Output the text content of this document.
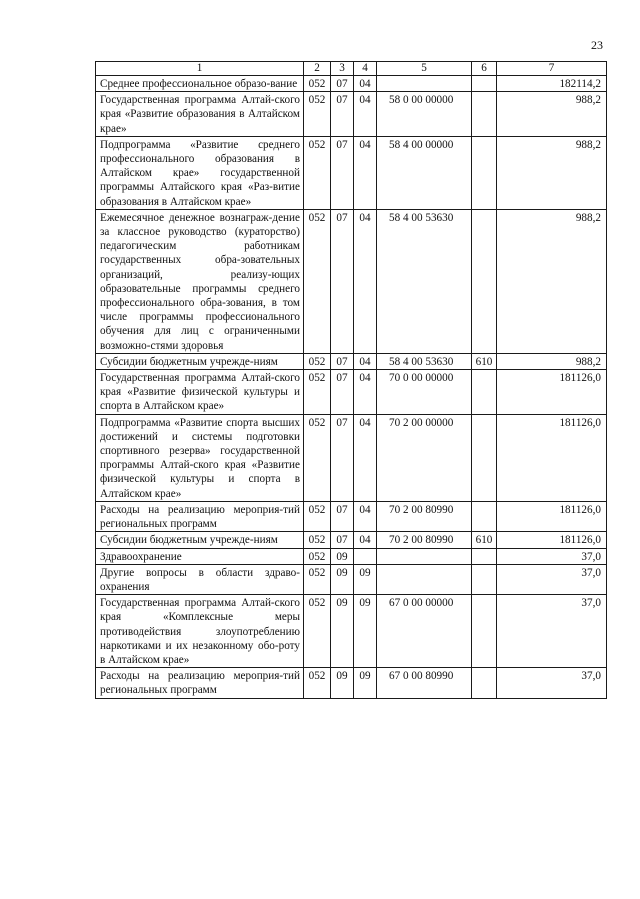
23
1	2	3	4	5	6	7
Среднее профессиональное образо-вание	052	07	04			182114,2
Государственная программа Алтай-ского края «Развитие образования в Алтайском крае»	052	07	04	58 0 00 00000		988,2
Подпрограмма «Развитие среднего профессионального образования в Алтайском крае» государственной программы Алтайского края «Раз-витие образования в Алтайском крае»	052	07	04	58 4 00 00000		988,2
Ежемесячное денежное вознаграж-дение за классное руководство (кураторство) педагогическим работникам государственных обра-зовательных организаций, реализу-ющих образовательные программы среднего профессионального обра-зования, в том числе программы профессионального обучения для лиц с ограниченными возможно-стями здоровья	052	07	04	58 4 00 53630		988,2
Субсидии бюджетным учрежде-ниям	052	07	04	58 4 00 53630	610	988,2
Государственная программа Алтай-ского края «Развитие физической культуры и спорта в Алтайском крае»	052	07	04	70 0 00 00000		181126,0
Подпрограмма «Развитие спорта высших достижений и системы подготовки спортивного резерва» государственной программы Алтай-ского края «Развитие физической культуры и спорта в Алтайском крае»	052	07	04	70 2 00 00000		181126,0
Расходы на реализацию мероприя-тий региональных программ	052	07	04	70 2 00 80990		181126,0
Субсидии бюджетным учрежде-ниям	052	07	04	70 2 00 80990	610	181126,0
Здравоохранение	052	09				37,0
Другие вопросы в области здраво-охранения	052	09	09			37,0
Государственная программа Алтай-ского края «Комплексные меры противодействия злоупотреблению наркотиками и их незаконному обо-роту в Алтайском крае»	052	09	09	67 0 00 00000		37,0
Расходы на реализацию мероприя-тий региональных программ	052	09	09	67 0 00 80990		37,0
